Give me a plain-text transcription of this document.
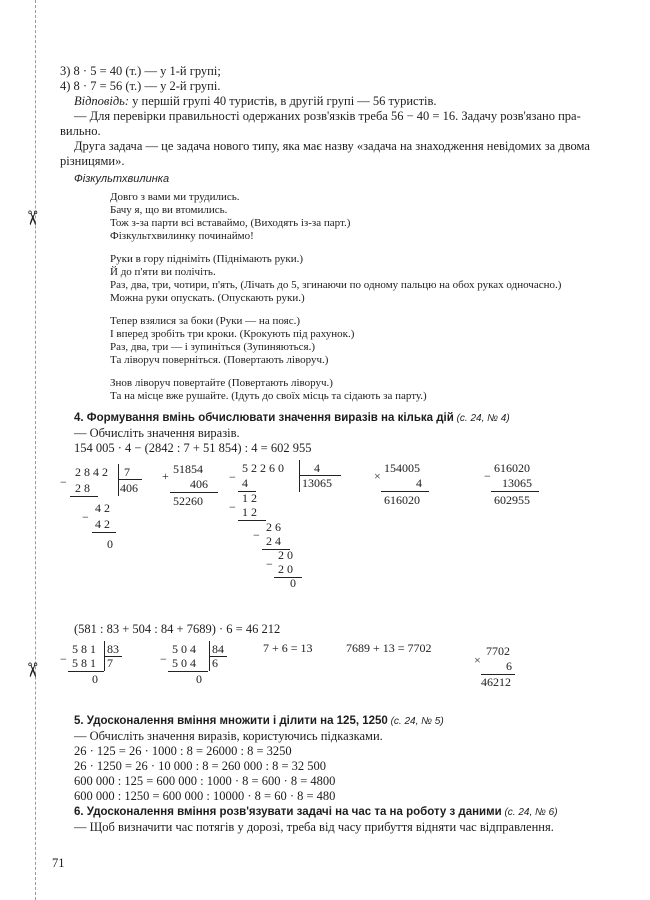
✂
✂
3) 8 · 5 = 40 (т.) — у 1-й групі;
4) 8 · 7 = 56 (т.) — у 2-й групі.
Відповідь: у першій групі 40 туристів, в другій групі — 56 туристів.
— Для перевірки правильності одержаних розв'язків треба 56 − 40 = 16. Задачу розв'язано пра-
вильно.
Друга задача — це задача нового типу, яка має назву «задача на знаходження невідомих за двома
різницями».
Фізкультхвилинка
Довго з вами ми трудились.
Бачу я, що ви втомились.
Тож з-за парти всі вставаймо, (Виходять із-за парт.)
Фізкультхвилинку починаймо!
Руки в гору підніміть (Піднімають руки.)
Й до п'яти ви полічіть.
Раз, два, три, чотири, п'ять, (Лічать до 5, згинаючи по одному пальцю на обох руках одночасно.)
Можна руки опускать. (Опускають руки.)
Тепер взялися за боки (Руки — на пояс.)
І вперед зробіть три кроки. (Крокують під рахунок.)
Раз, два, три — і зупиніться (Зупиняються.)
Та ліворуч поверніться. (Повертають ліворуч.)
Знов ліворуч повертайте (Повертають ліворуч.)
Та на місце вже рушайте. (Ідуть до своїх місць та сідають за парту.)
4. Формування вмінь обчислювати значення виразів на кілька дій (с. 24, № 4)
— Обчисліть значення виразів.
154 005 · 4 − (2842 : 7 + 51 854) : 4 = 602 955
−
2 8 4 2 7
2 8	406
−
4 2
4 2
0
+ 51854
406
52260
−
5 2 2 6 0	4
4	13065
−
1 2
1 2
−
2 6
2 4
−
2 0
2 0
0
×
154005
4
616020
−
616020
13065
602955
(581 : 83 + 504 : 84 + 7689) · 6 = 46 212
−
5 8 1 83
5 8 1 7
0
−
5 0 4 84
5 0 4 6
0
7 + 6 = 13	7689 + 13 = 7702
×
7702
6
46212
5. Удосконалення вміння множити і ділити на 125, 1250 (с. 24, № 5)
— Обчисліть значення виразів, користуючись підказками.
26 · 125 = 26 · 1000 : 8 = 26000 : 8 = 3250
26 · 1250 = 26 · 10 000 : 8 = 260 000 : 8 = 32 500
600 000 : 125 = 600 000 : 1000 · 8 = 600 · 8 = 4800
600 000 : 1250 = 600 000 : 10000 · 8 = 60 · 8 = 480
6. Удосконалення вміння розв'язувати задачі на час та на роботу з даними (с. 24, № 6)
— Щоб визначити час потягів у дорозі, треба від часу прибуття відняти час відправлення.
71
